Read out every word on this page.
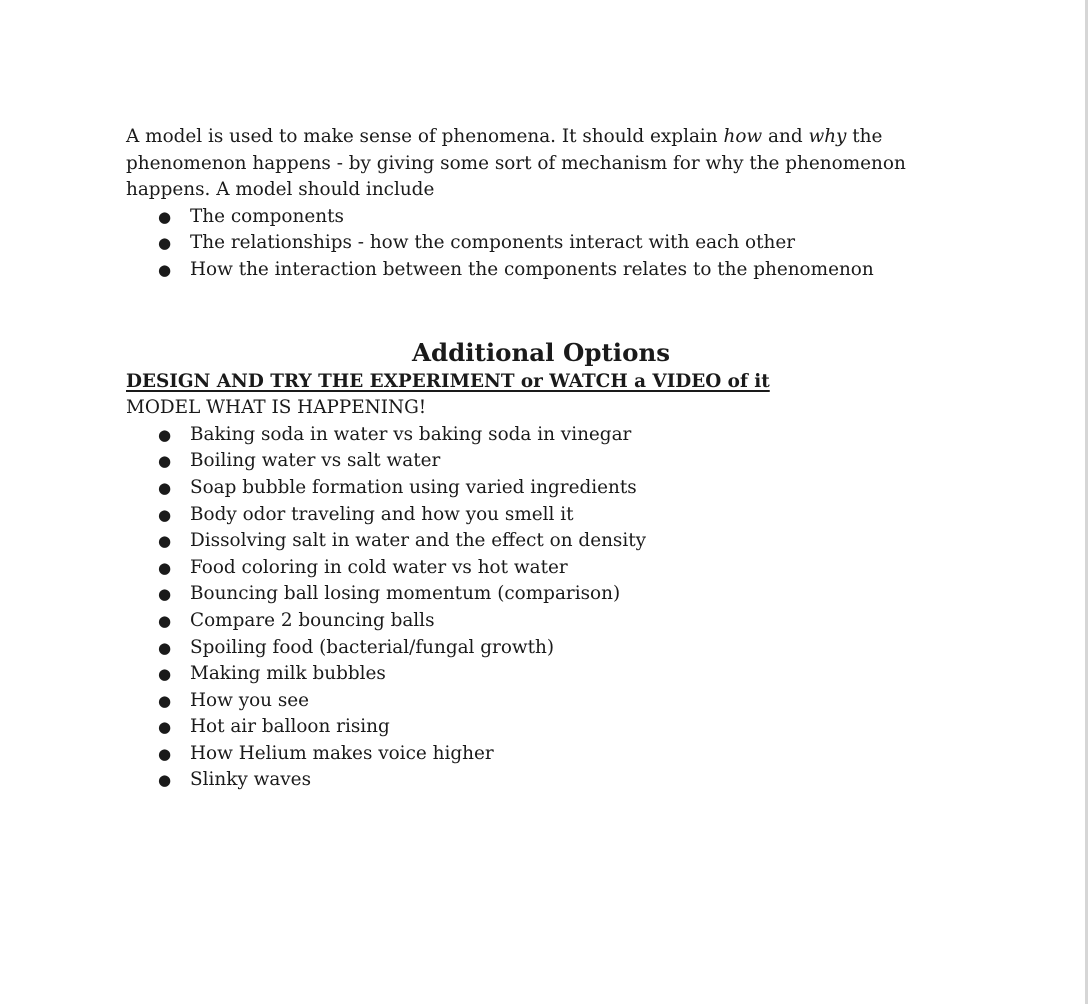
A model is used to make sense of phenomena. It should explain how and why the phenomenon happens - by giving some sort of mechanism for why the phenomenon happens. A model should include

● The components
● The relationships - how the components interact with each other
● How the interaction between the components relates to the phenomenon
Additional Options
DESIGN AND TRY THE EXPERIMENT or WATCH a VIDEO of it
MODEL WHAT IS HAPPENING!
● Baking soda in water vs baking soda in vinegar
● Boiling water vs salt water
● Soap bubble formation using varied ingredients
● Body odor traveling and how you smell it
● Dissolving salt in water and the effect on density
● Food coloring in cold water vs hot water
● Bouncing ball losing momentum (comparison)
● Compare 2 bouncing balls
● Spoiling food (bacterial/fungal growth)
● Making milk bubbles
● How you see
● Hot air balloon rising
● How Helium makes voice higher
● Slinky waves
